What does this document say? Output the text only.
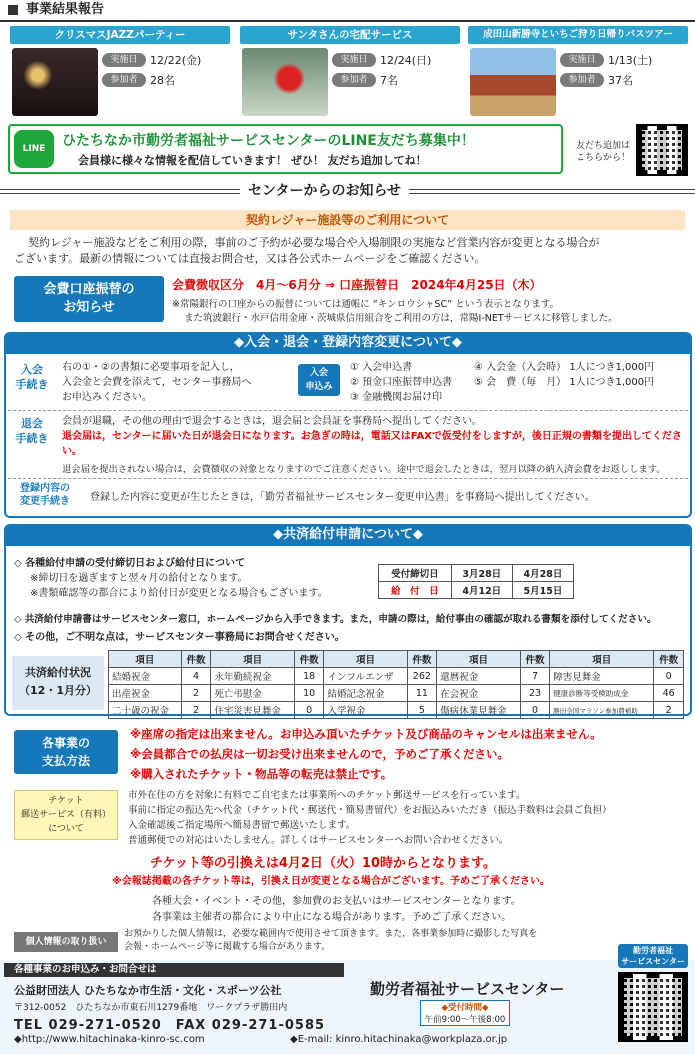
事業結果報告
クリスマスJAZZパーティー
実施日	12/22(金)
参加者	28名
サンタさんの宅配サービス
実施日	12/24(日)
参加者	7名
成田山新勝寺といちご狩り日帰りバスツアー
実施日	1/13(土)
参加者	37名
LINE	ひたちなか市勤労者福祉サービスセンターのLINE友だち募集中！
会員様に様々な情報を配信していきます！ ぜひ！ 友だち追加してね！
友だち追加は
こちらから！
センターからのお知らせ
契約レジャー施設等のご利用について
契約レジャー施設などをご利用の際，事前のご予約が必要な場合や入場制限の実施など営業内容が変更となる場合が
ございます。最新の情報については直接お問合せ，又は各公式ホームページをご確認ください。
会費口座振替の
お知らせ
会費徴収区分　4月～6月分 ⇒ 口座振替日　2024年4月25日（木）
※常陽銀行の口座からの振替については通帳に “キンロウシャSC” という表示となります。
また筑波銀行・水戸信用金庫・茨城県信用組合をご利用の方は，常陽I-NETサービスに移管しました。
◆入会・退会・登録内容変更について◆
入会
手続き
右の①・②の書類に必要事項を記入し，
入会金と会費を添えて，センター事務局へ
お申込みください。
入会
申込み
① 入会申込書
② 預金口座振替申込書
③ 金融機関お届け印
④ 入会金（入会時） 1人につき1,000円
⑤ 会　費（毎　月） 1人につき1,000円
退会
手続き
会員が退職，その他の理由で退会するときは，退会届と会員証を事務局へ提出してください。
退会届は，センターに届いた日が退会日になります。お急ぎの時は，電話又はFAXで仮受付をしますが，後日正規の書類を提出してください。
退会届を提出されない場合は，会費徴収の対象となりますのでご注意ください。途中で退会したときは，翌月以降の納入済会費をお返しします。
登録内容の
変更手続き	登録した内容に変更が生じたときは，「勤労者福祉サービスセンター変更申込書」を事務局へ提出してください。
◆共済給付申請について◆
◇ 各種給付申請の受付締切日および給付日について
※締切日を過ぎますと翌々月の給付となります。
※書類確認等の都合により給付日が変更となる場合もございます。
受付締切日	3月28日	4月28日
給　付　日	4月12日	5月15日
◇ 共済給付申請書はサービスセンター窓口，ホームページから入手できます。また，申請の際は，給付事由の確認が取れる書類を添付してください。
◇ その他，ご不明な点は，サービスセンター事務局にお問合せください。
共済給付状況
（12・1月分）
項目	件数	項目	件数	項目	件数	項目	件数	項目	件数
結婚祝金	4	永年勤続祝金	18	インフルエンザ	262	還暦祝金	7	障害見舞金	0
出産祝金	2	死亡弔慰金	10	結婚記念祝金	11	在会祝金	23	健康診断等受検助成金	46
二十歳の祝金	2	住宅災害見舞金	0	入学祝金	5	傷病休業見舞金	0	勝田全国マラソン参加費補助	2
各事業の
支払方法
※座席の指定は出来ません。お申込み頂いたチケット及び商品のキャンセルは出来ません。
※会員都合での払戻は一切お受け出来ませんので，予めご了承ください。
※購入されたチケット・物品等の転売は禁止です。
チケット
郵送サービス（有料）
について
市外在住の方を対象に有料でご自宅または事業所へのチケット郵送サービスを行っています。
事前に指定の振込先へ代金（チケット代・郵送代・簡易書留代）をお振込みいただき（振込手数料は会員ご負担）
入金確認後ご指定場所へ簡易書留で郵送いたします。
普通郵便での対応はいたしません。詳しくはサービスセンターへお問い合わせください。
チケット等の引換えは4月2日（火）10時からとなります。
※会報誌掲載の各チケット等は，引換え日が変更となる場合がございます。予めご了承ください。
各種大会・イベント・その他，参加費のお支払いはサービスセンターとなります。
各事業は主催者の都合により中止になる場合があります。予めご了承ください。
個人情報の取り扱い
お預かりした個人情報は，必要な範囲内で使用させて頂きます。また，各事業参加時に撮影した写真を
会報・ホームページ等に掲載する場合があります。
各種事業のお申込み・お問合せは
公益財団法人 ひたちなか市生活・文化・スポーツ公社	勤労者福祉サービスセンター
〒312-0052　ひたちなか市東石川1279番地　ワークプラザ勝田内
TEL 029-271-0520　FAX 029-271-0585
◆受付時間◆
午前9:00～午後8:00
◆http://www.hitachinaka-kinro-sc.com	◆E-mail: kinro.hitachinaka@workplaza.or.jp
勤労者福祉
サービスセンター
